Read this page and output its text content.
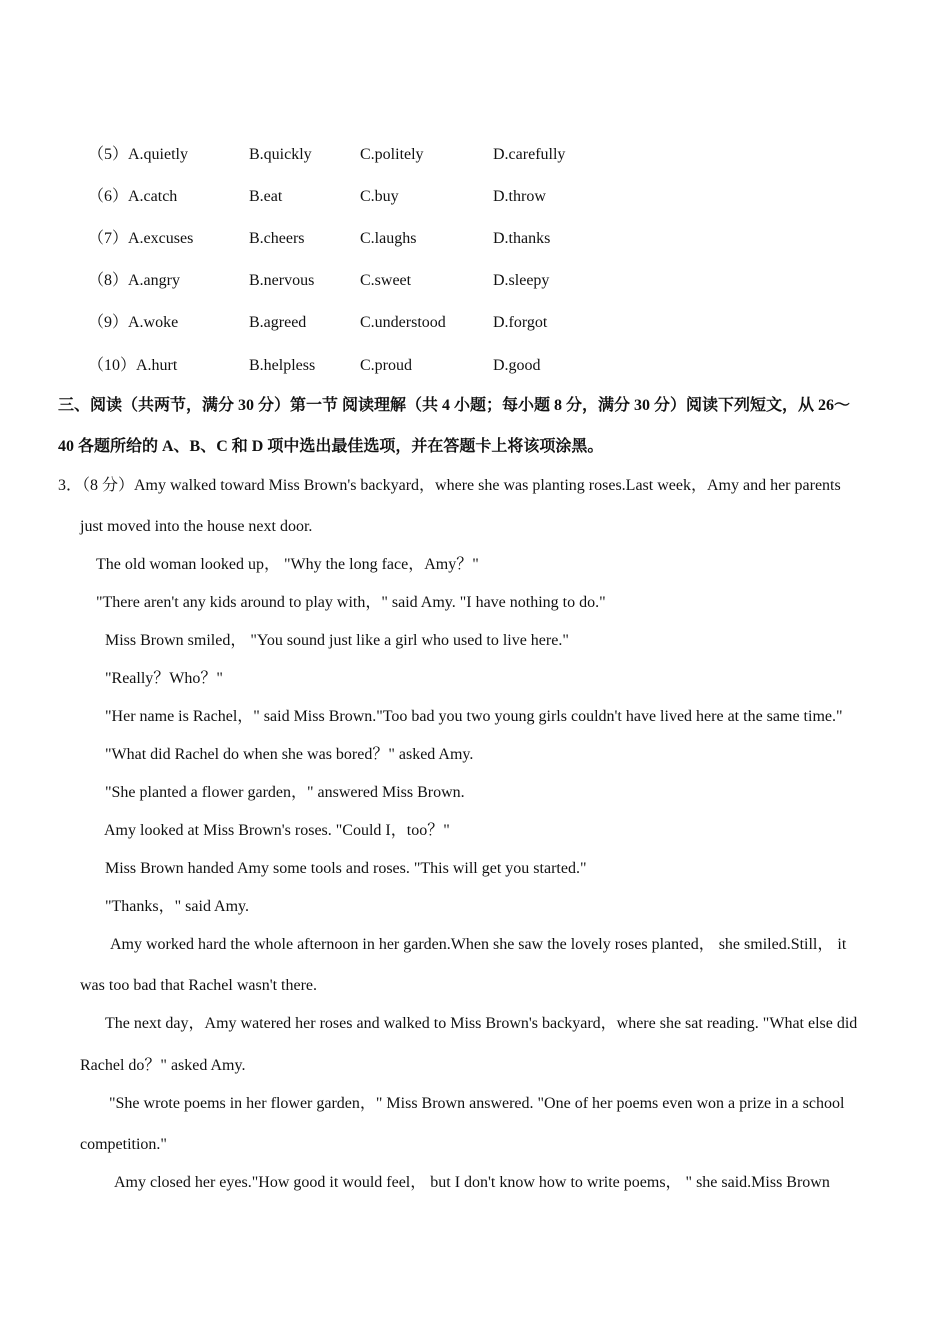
（5）A.quietly	B.quickly	C.politely	D.carefully
（6）A.catch	B.eat	C.buy	D.throw
（7）A.excuses	B.cheers	C.laughs	D.thanks
（8）A.angry	B.nervous	C.sweet	D.sleepy
（9）A.woke	B.agreed	C.understood	D.forgot
（10）A.hurt	B.helpless	C.proud	D.good
三、阅读（共两节，满分 30 分）第一节 阅读理解（共 4 小题；每小题 8 分，满分 30 分）阅读下列短文，从 26～
40 各题所给的 A、B、C 和 D 项中选出最佳选项，并在答题卡上将该项涂黑。
3．（8 分）Amy walked toward Miss Brown's backyard，where she was planting roses.Last week，Amy and her parents
just moved into the house next door.
The old woman looked up， "Why the long face，Amy？"
"There aren't any kids around to play with，" said Amy. "I have nothing to do."
Miss Brown smiled， "You sound just like a girl who used to live here."
"Really？Who？"
"Her name is Rachel，" said Miss Brown."Too bad you two young girls couldn't have lived here at the same time."
"What did Rachel do when she was bored？" asked Amy.
"She planted a flower garden，" answered Miss Brown.
Amy looked at Miss Brown's roses. "Could I，too？"
Miss Brown handed Amy some tools and roses. "This will get you started."
"Thanks，" said Amy.
Amy worked hard the whole afternoon in her garden.When she saw the lovely roses planted， she smiled.Still， it
was too bad that Rachel wasn't there.
The next day，Amy watered her roses and walked to Miss Brown's backyard，where she sat reading. "What else did
Rachel do？" asked Amy.
"She wrote poems in her flower garden，" Miss Brown answered. "One of her poems even won a prize in a school
competition."
Amy closed her eyes."How good it would feel， but I don't know how to write poems， " she said.Miss Brown
